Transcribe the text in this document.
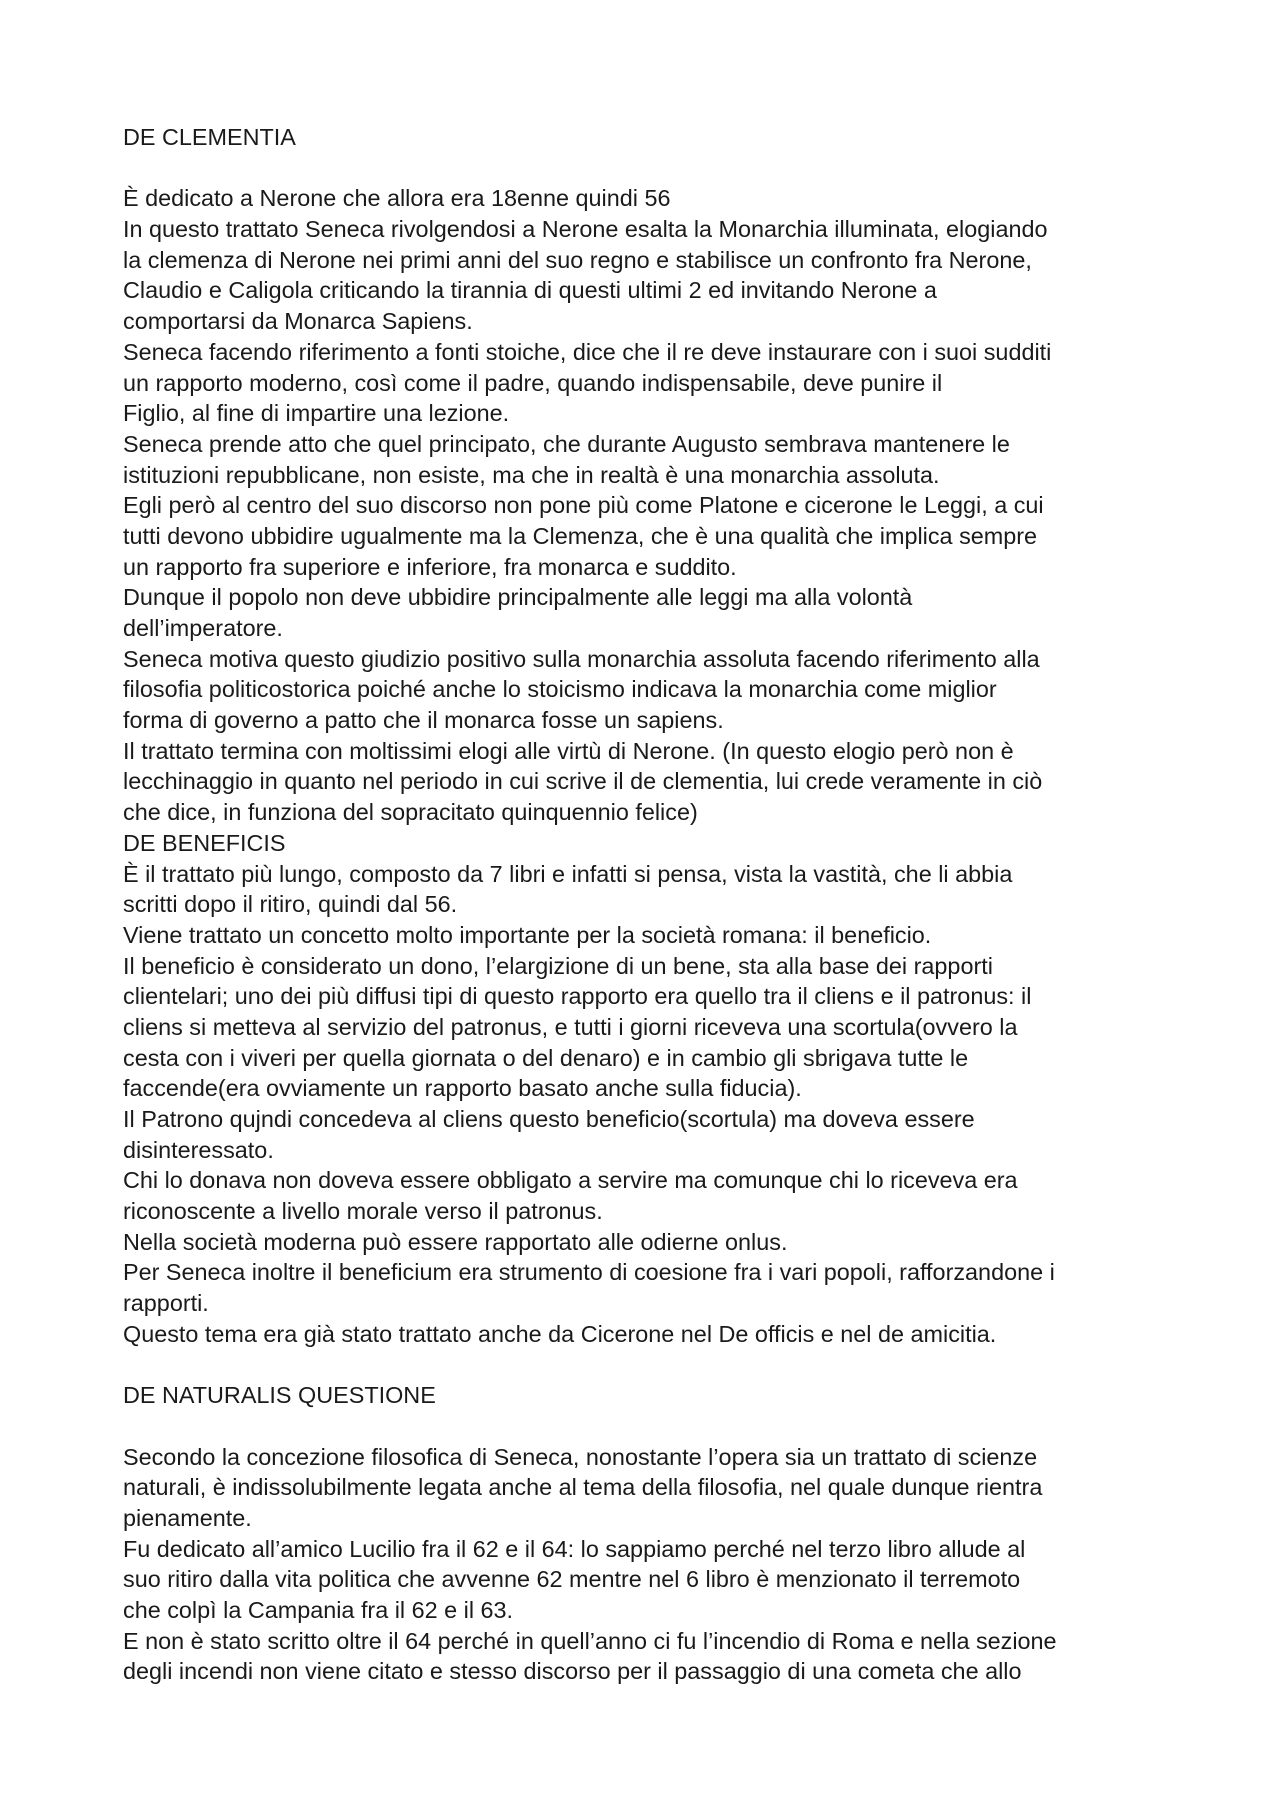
DE CLEMENTIA
È dedicato a Nerone che allora era 18enne quindi 56
In questo trattato Seneca rivolgendosi a Nerone esalta la Monarchia illuminata, elogiando
la clemenza di Nerone nei primi anni del suo regno e stabilisce un confronto fra Nerone,
Claudio e Caligola criticando la tirannia di questi ultimi 2 ed invitando Nerone a
comportarsi da Monarca Sapiens.
Seneca facendo riferimento a fonti stoiche, dice che il re deve instaurare con i suoi sudditi
un rapporto moderno, così come il padre, quando indispensabile, deve punire il
Figlio, al fine di impartire una lezione.
Seneca prende atto che quel principato, che durante Augusto sembrava mantenere le
istituzioni repubblicane, non esiste, ma che in realtà è una monarchia assoluta.
Egli però al centro del suo discorso non pone più come Platone e cicerone le Leggi, a cui
tutti devono ubbidire ugualmente ma la Clemenza, che è una qualità che implica sempre
un rapporto fra superiore e inferiore, fra monarca e suddito.
Dunque il popolo non deve ubbidire principalmente alle leggi ma alla volontà
dell’imperatore.
Seneca motiva questo giudizio positivo sulla monarchia assoluta facendo riferimento alla
filosofia politicostorica poiché anche lo stoicismo indicava la monarchia come miglior
forma di governo a patto che il monarca fosse un sapiens.
Il trattato termina con moltissimi elogi alle virtù di Nerone. (In questo elogio però non è
lecchinaggio in quanto nel periodo in cui scrive il de clementia, lui crede veramente in ciò
che dice, in funziona del sopracitato quinquennio felice)
DE BENEFICIS
È il trattato più lungo, composto da 7 libri e infatti si pensa, vista la vastità, che li abbia
scritti dopo il ritiro, quindi dal 56.
Viene trattato un concetto molto importante per la società romana: il beneficio.
Il beneficio è considerato un dono, l’elargizione di un bene, sta alla base dei rapporti
clientelari; uno dei più diffusi tipi di questo rapporto era quello tra il cliens e il patronus: il
cliens si metteva al servizio del patronus, e tutti i giorni riceveva una scortula(ovvero la
cesta con i viveri per quella giornata o del denaro) e in cambio gli sbrigava tutte le
faccende(era ovviamente un rapporto basato anche sulla fiducia).
Il Patrono qujndi concedeva al cliens questo beneficio(scortula) ma doveva essere
disinteressato.
Chi lo donava non doveva essere obbligato a servire ma comunque chi lo riceveva era
riconoscente a livello morale verso il patronus.
Nella società moderna può essere rapportato alle odierne onlus.
Per Seneca inoltre il beneficium era strumento di coesione fra i vari popoli, rafforzandone i
rapporti.
Questo tema era già stato trattato anche da Cicerone nel De officis e nel de amicitia.
DE NATURALIS QUESTIONE
Secondo la concezione filosofica di Seneca, nonostante l’opera sia un trattato di scienze
naturali, è indissolubilmente legata anche al tema della filosofia, nel quale dunque rientra
pienamente.
Fu dedicato all’amico Lucilio fra il 62 e il 64: lo sappiamo perché nel terzo libro allude al
suo ritiro dalla vita politica che avvenne 62 mentre nel 6 libro è menzionato il terremoto
che colpì la Campania fra il 62 e il 63.
E non è stato scritto oltre il 64 perché in quell’anno ci fu l’incendio di Roma e nella sezione
degli incendi non viene citato e stesso discorso per il passaggio di una cometa che allo
